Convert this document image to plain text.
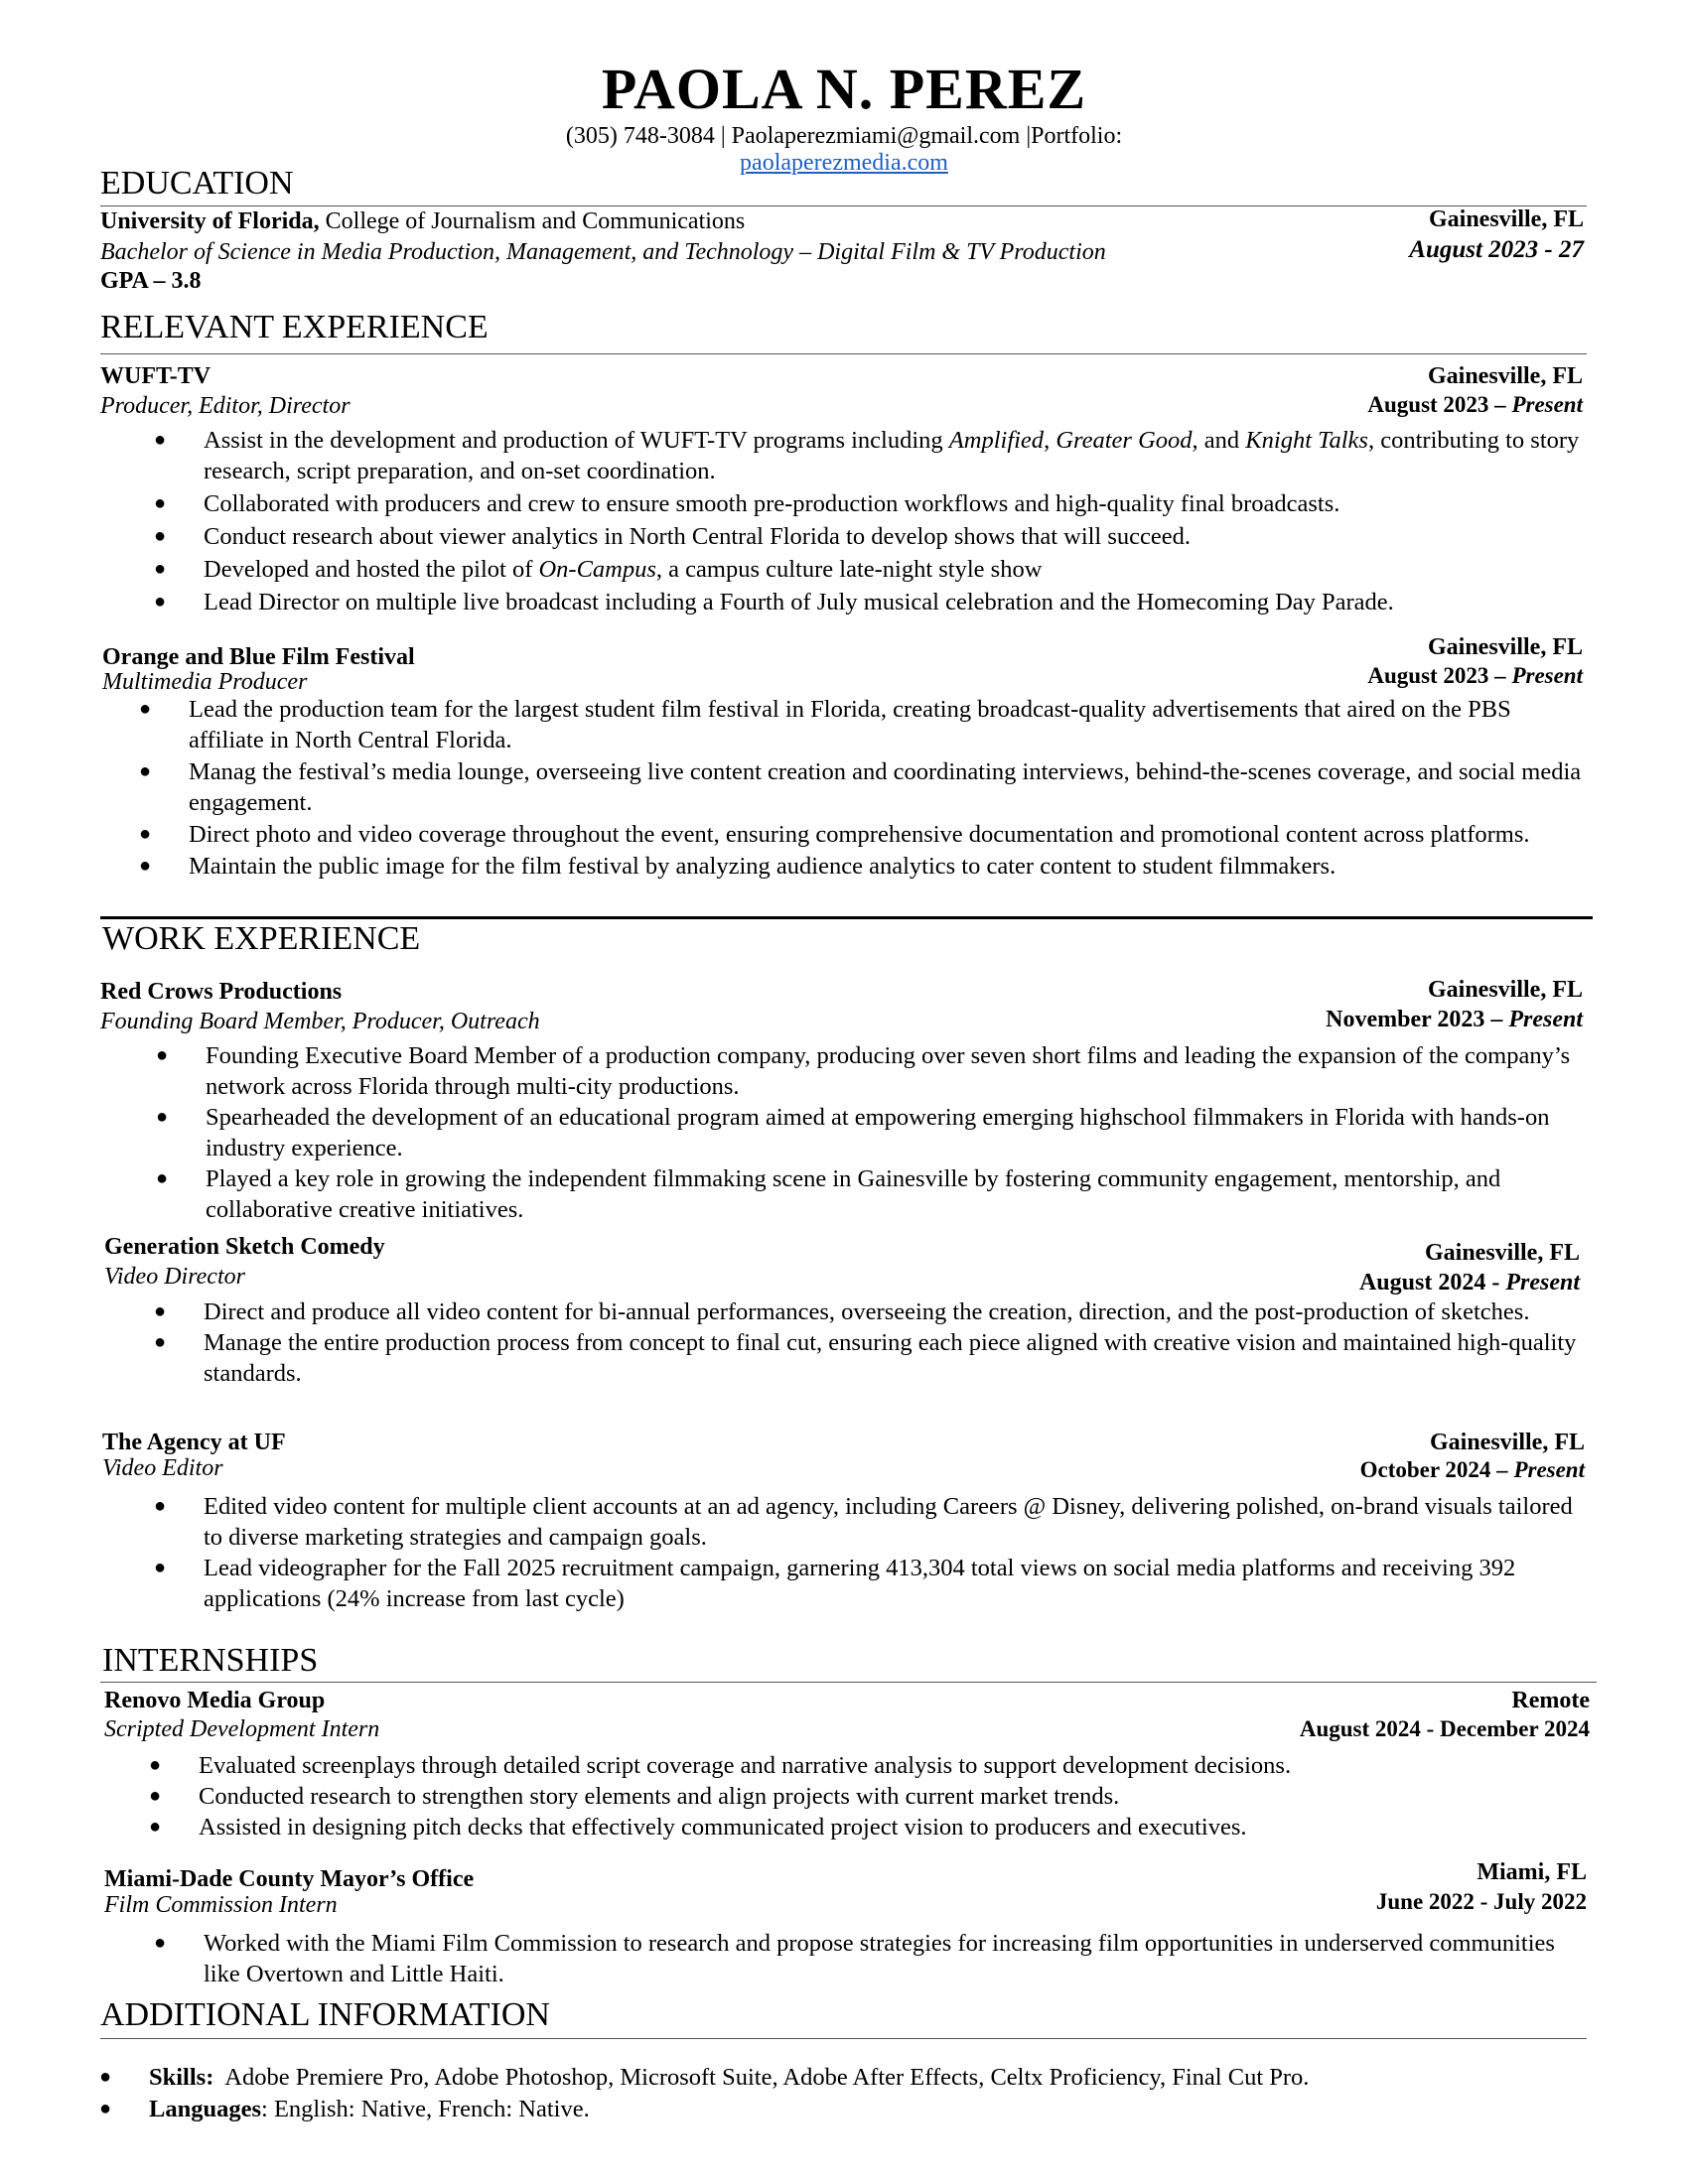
PAOLA N. PEREZ
(305) 748-3084 | Paolaperezmiami@gmail.com |Portfolio:
paolaperezmedia.com
EDUCATION
University of Florida, College of Journalism and Communications
Bachelor of Science in Media Production, Management, and Technology – Digital Film & TV Production
GPA – 3.8
Gainesville, FL
August 2023 - 27
RELEVANT EXPERIENCE
WUFT-TV
Producer, Editor, Director
Gainesville, FL
August 2023 – Present
● Assist in the development and production of WUFT-TV programs including Amplified, Greater Good, and Knight Talks, contributing to story research, script preparation, and on-set coordination.
● Collaborated with producers and crew to ensure smooth pre-production workflows and high-quality final broadcasts.
● Conduct research about viewer analytics in North Central Florida to develop shows that will succeed.
● Developed and hosted the pilot of On-Campus, a campus culture late-night style show
● Lead Director on multiple live broadcast including a Fourth of July musical celebration and the Homecoming Day Parade.
Orange and Blue Film Festival
Multimedia Producer
Gainesville, FL
August 2023 – Present
● Lead the production team for the largest student film festival in Florida, creating broadcast-quality advertisements that aired on the PBS affiliate in North Central Florida.
● Manag the festival’s media lounge, overseeing live content creation and coordinating interviews, behind-the-scenes coverage, and social media engagement.
● Direct photo and video coverage throughout the event, ensuring comprehensive documentation and promotional content across platforms.
● Maintain the public image for the film festival by analyzing audience analytics to cater content to student filmmakers.
WORK EXPERIENCE
Red Crows Productions
Founding Board Member, Producer, Outreach
Gainesville, FL
November 2023 – Present
● Founding Executive Board Member of a production company, producing over seven short films and leading the expansion of the company’s network across Florida through multi-city productions.
● Spearheaded the development of an educational program aimed at empowering emerging highschool filmmakers in Florida with hands-on industry experience.
● Played a key role in growing the independent filmmaking scene in Gainesville by fostering community engagement, mentorship, and collaborative creative initiatives.
Generation Sketch Comedy
Video Director
Gainesville, FL
August 2024 - Present
● Direct and produce all video content for bi-annual performances, overseeing the creation, direction, and the post-production of sketches.
● Manage the entire production process from concept to final cut, ensuring each piece aligned with creative vision and maintained high-quality standards.
The Agency at UF
Video Editor
Gainesville, FL
October 2024 – Present
● Edited video content for multiple client accounts at an ad agency, including Careers @ Disney, delivering polished, on-brand visuals tailored to diverse marketing strategies and campaign goals.
● Lead videographer for the Fall 2025 recruitment campaign, garnering 413,304 total views on social media platforms and receiving 392 applications (24% increase from last cycle)
INTERNSHIPS
Renovo Media Group
Scripted Development Intern
Remote
August 2024 - December 2024
● Evaluated screenplays through detailed script coverage and narrative analysis to support development decisions.
● Conducted research to strengthen story elements and align projects with current market trends.
● Assisted in designing pitch decks that effectively communicated project vision to producers and executives.
Miami-Dade County Mayor’s Office
Film Commission Intern
Miami, FL
June 2022 - July 2022
● Worked with the Miami Film Commission to research and propose strategies for increasing film opportunities in underserved communities like Overtown and Little Haiti.
ADDITIONAL INFORMATION
● Skills:  Adobe Premiere Pro, Adobe Photoshop, Microsoft Suite, Adobe After Effects, Celtx Proficiency, Final Cut Pro.
● Languages: English: Native, French: Native.
